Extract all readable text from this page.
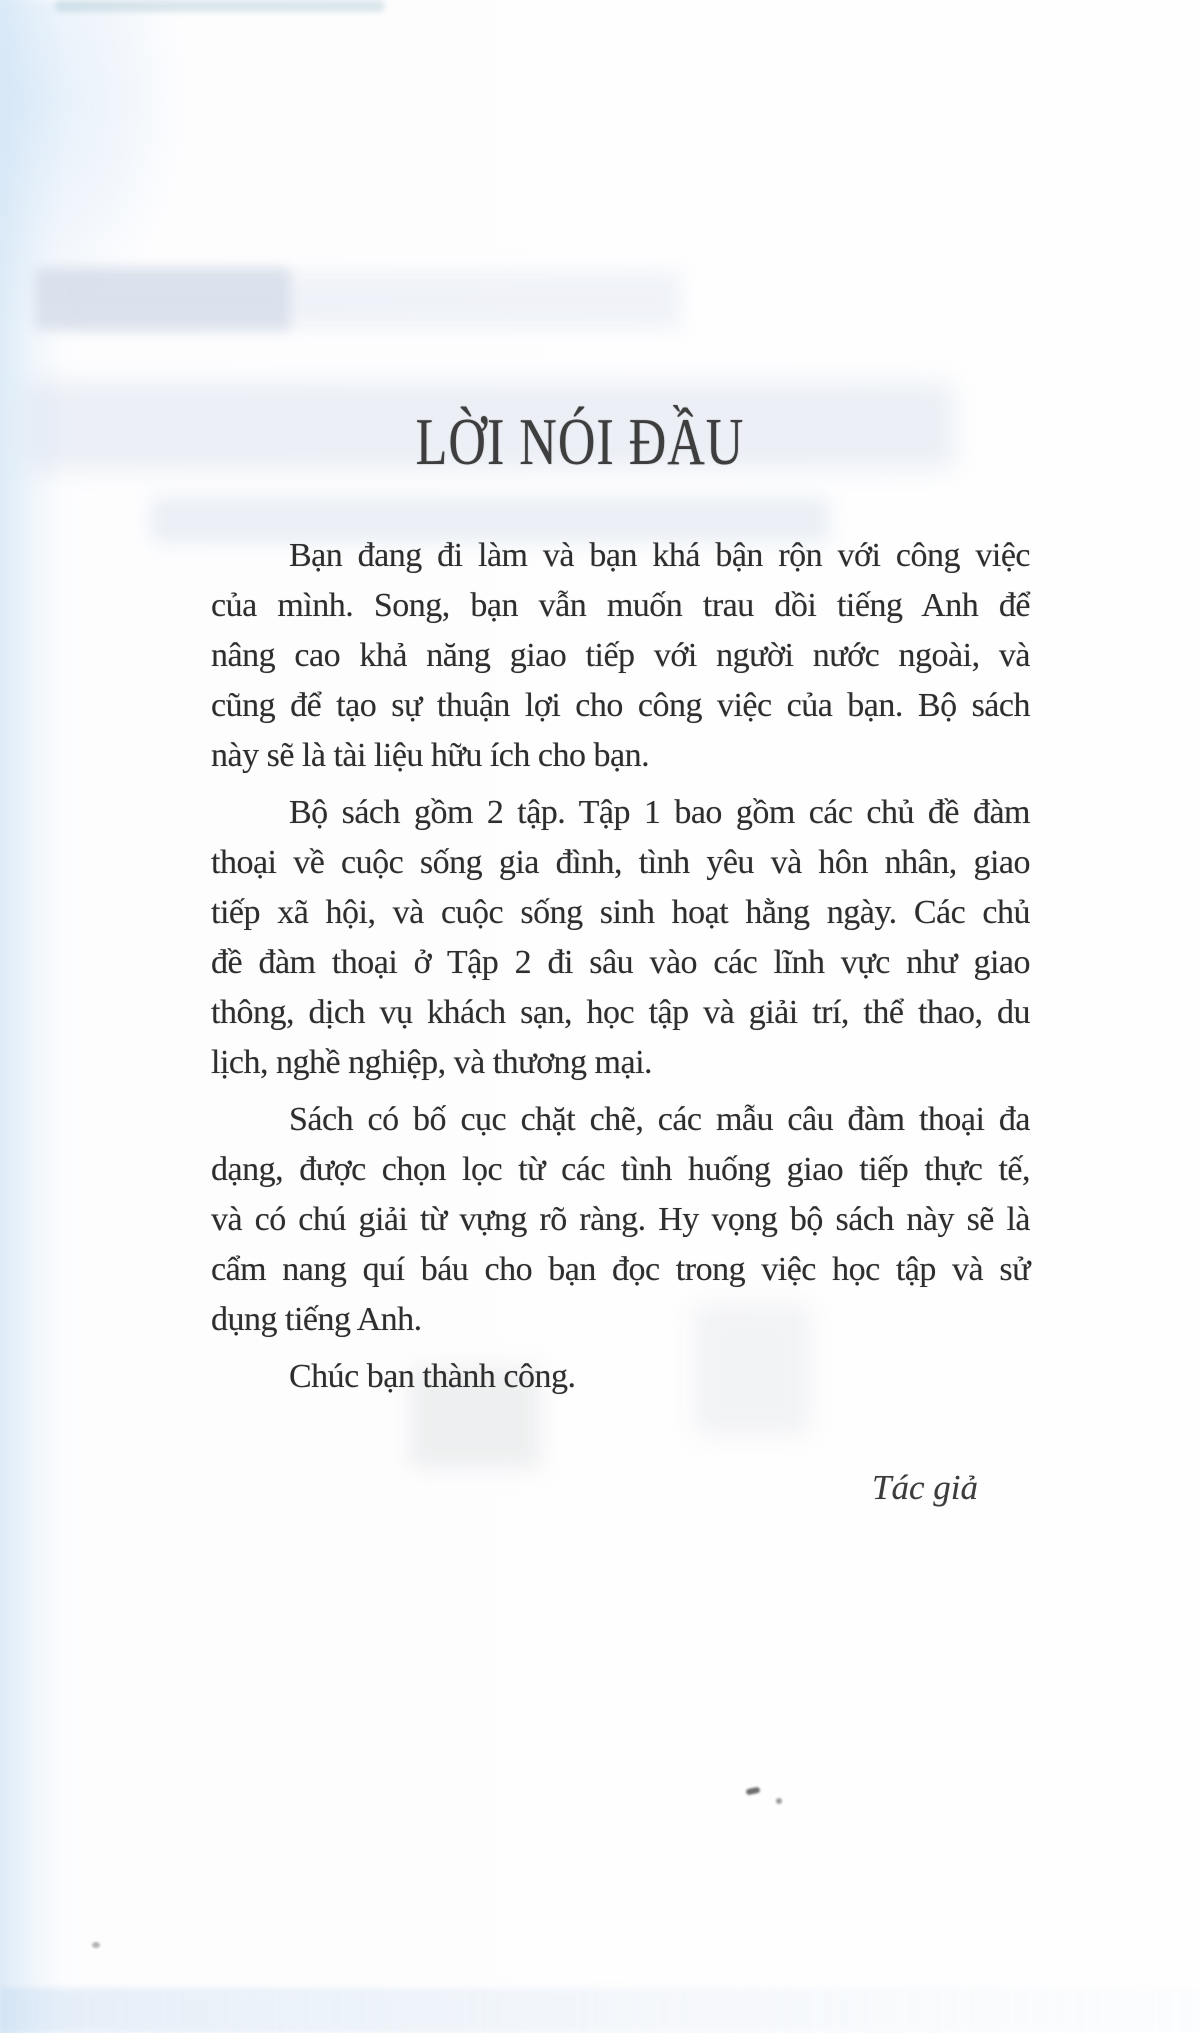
LỜI NÓI ĐẦU
Bạn đang đi làm và bạn khá bận rộn với công việc
của mình. Song, bạn vẫn muốn trau dồi tiếng Anh để
nâng cao khả năng giao tiếp với người nước ngoài, và
cũng để tạo sự thuận lợi cho công việc của bạn. Bộ sách
này sẽ là tài liệu hữu ích cho bạn.
Bộ sách gồm 2 tập. Tập 1 bao gồm các chủ đề đàm
thoại về cuộc sống gia đình, tình yêu và hôn nhân, giao
tiếp xã hội, và cuộc sống sinh hoạt hằng ngày. Các chủ
đề đàm thoại ở Tập 2 đi sâu vào các lĩnh vực như giao
thông, dịch vụ khách sạn, học tập và giải trí, thể thao, du
lịch, nghề nghiệp, và thương mại.
Sách có bố cục chặt chẽ, các mẫu câu đàm thoại đa
dạng, được chọn lọc từ các tình huống giao tiếp thực tế,
và có chú giải từ vựng rõ ràng. Hy vọng bộ sách này sẽ là
cẩm nang quí báu cho bạn đọc trong việc học tập và sử
dụng tiếng Anh.
Chúc bạn thành công.
Tác giả
